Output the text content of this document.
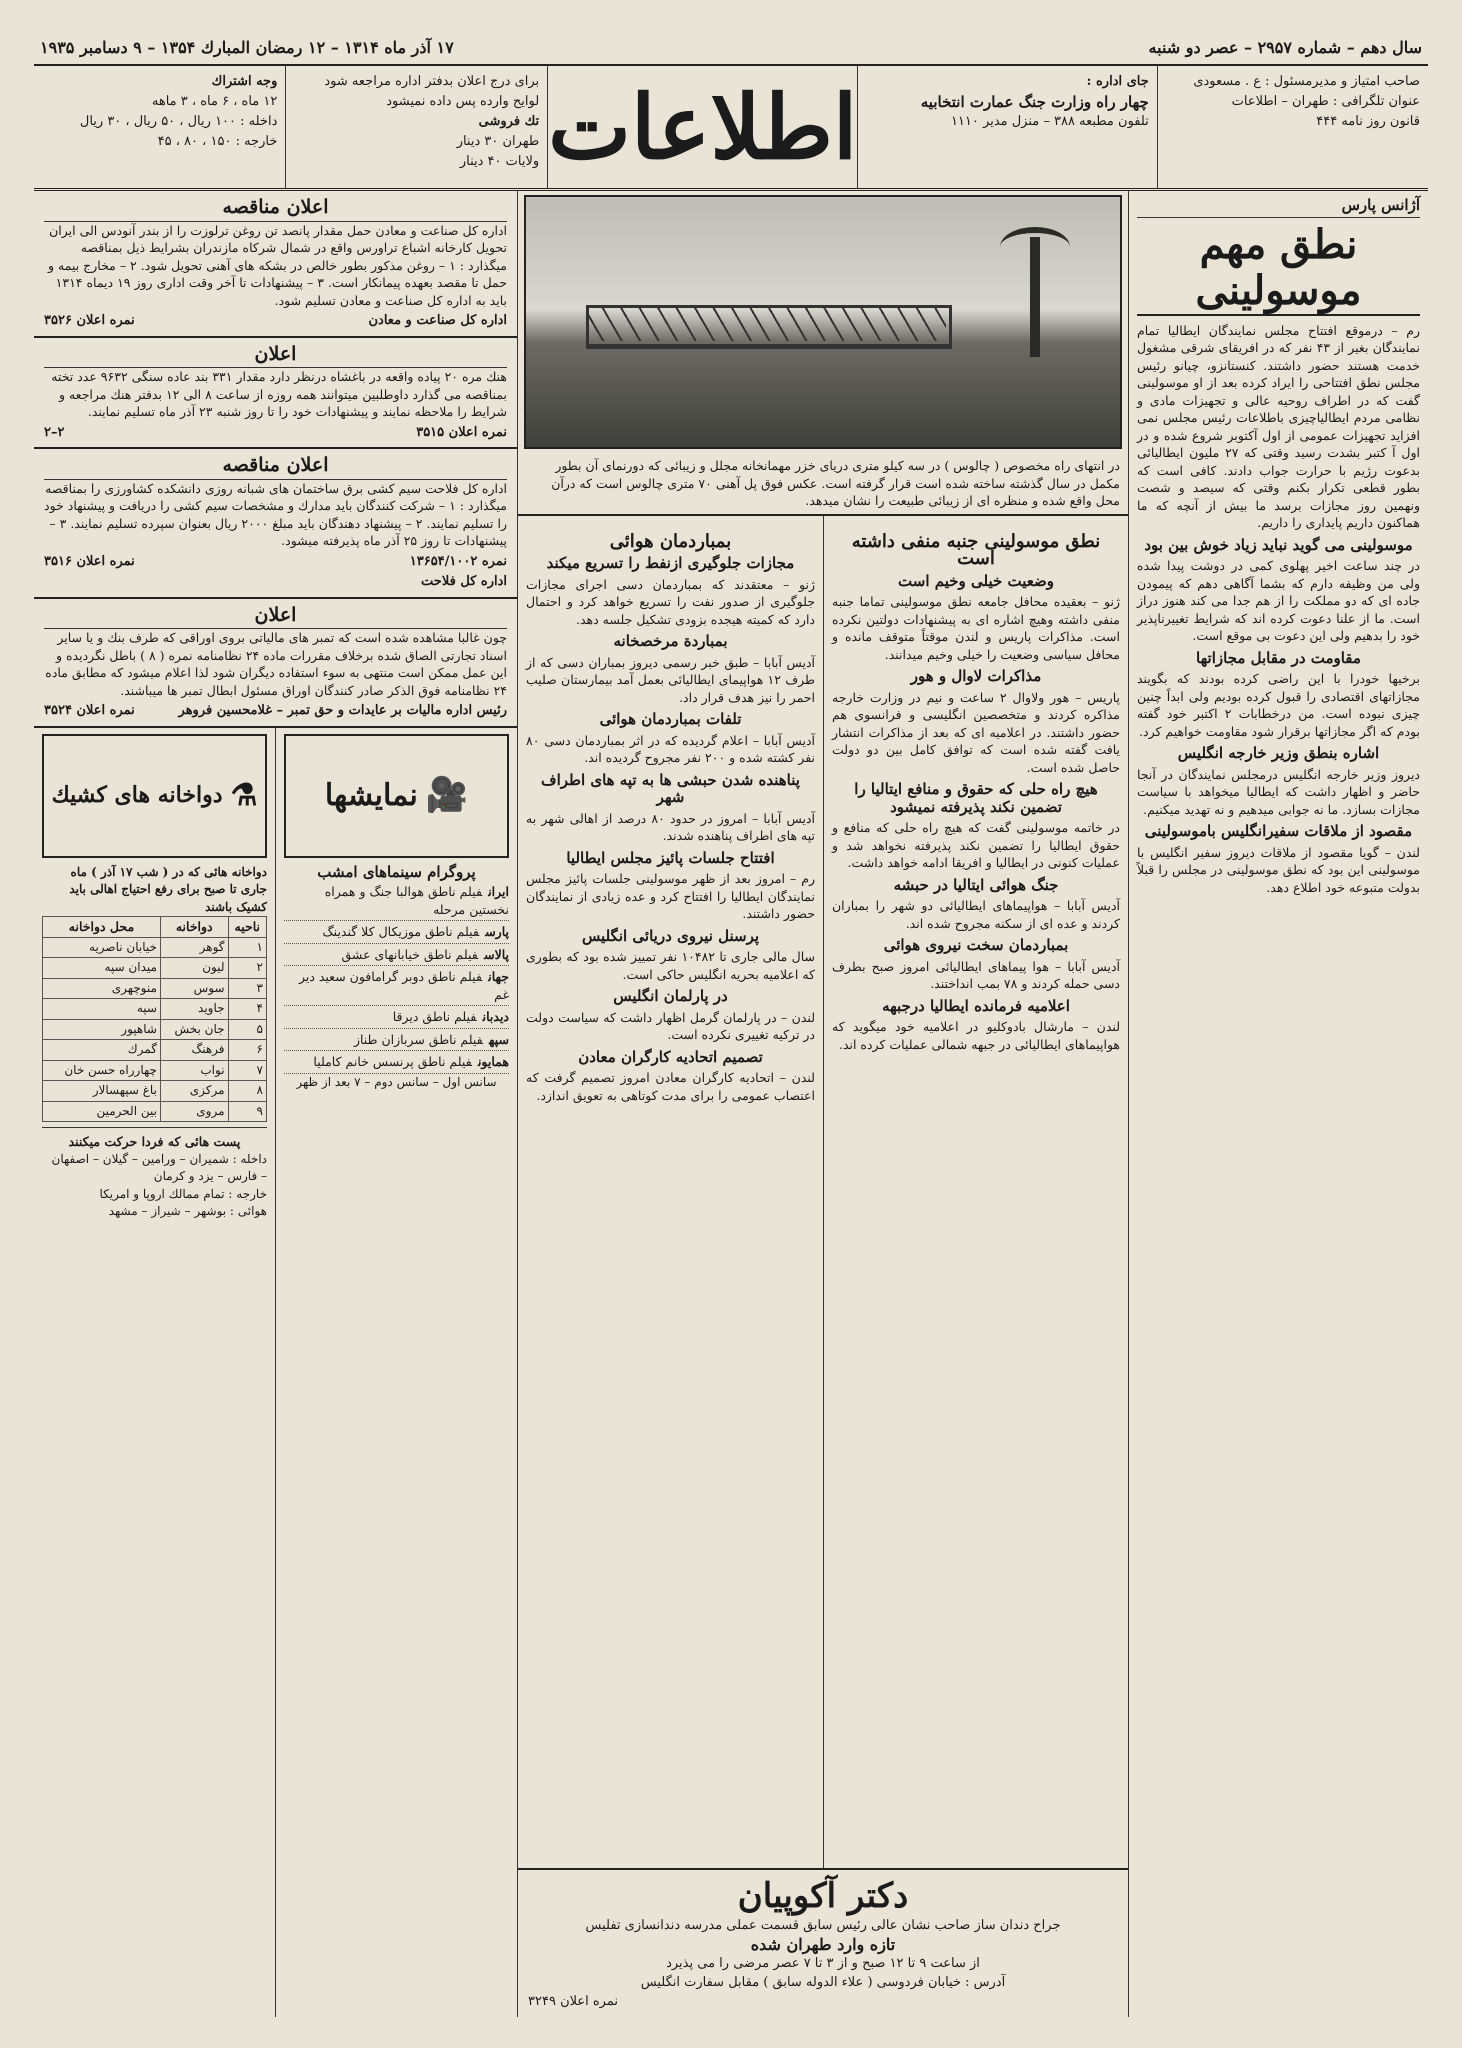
سال دهم – شماره ۲۹۵۷ – عصر دو شنبه
۱۷ آذر ماه ۱۳۱۴ – ۱۲ رمضان المبارك ۱۳۵۴ – ۹ دسامبر ۱۹۳۵
صاحب امتیاز و مدیرمسئول : ع . مسعودی
عنوان تلگرافی : طهران – اطلاعات
قانون روز نامه ۴۴۴
جای اداره :
چهار راه وزارت جنگ عمارت انتخابیه
تلفون مطبعه ۳۸۸ – منزل مدیر ۱۱۱۰
اطلاعات
برای درج اعلان بدفتر اداره مراجعه شود
لوایح وارده پس داده نمیشود
تك فروشی
طهران ۳۰ دینار
ولایات ۴۰ دینار
وجه اشتراك
۱۲ ماه ، ۶ ماه ، ۳ ماهه
داخله : ۱۰۰ ریال ، ۵۰ ریال ، ۳۰ ریال
خارجه : ۱۵۰ ، ۸۰ ، ۴۵
آژانس پارس
نطق مهم موسولینی

رم – درموقع افتتاح مجلس نمایندگان ایطالیا تمام نمایندگان بغیر از ۴۳ نفر که در افریقای شرقی مشغول خدمت هستند حضور داشتند. کنستانزو، چیانو رئیس مجلس نطق افتتاحی را ایراد کرده بعد از او موسولینی گفت که در اطراف روحیه عالی و تجهیزات مادی و نظامی مردم ایطالیاچیزی باطلاعات رئیس مجلس نمی افزاید تجهیزات عمومی از اول آکتوبر شروع شده و در اول آ کتبر بشدت رسید وقتی که ۲۷ ملیون ایطالیائی بدعوت رژیم با حرارت جواب دادند. کافی است که بطور قطعی تکرار بکنم وقتی که سیصد و شصت ونهمین روز مجازات برسد ما بیش از آنچه که ما هماکنون داریم پایداری را داریم.

موسولینی می گوید نباید زیاد خوش بین بود

در چند ساعت اخیر پهلوی کمی در دوشت پیدا شده ولی من وظیفه دارم که بشما آگاهی دهم که پیمودن جاده ای که دو مملکت را از هم جدا می کند هنوز دراز است. ما از علنا دعوت کرده اند که شرایط تغییرناپذیر خود را بدهیم ولی این دعوت بی موقع است.

مقاومت در مقابل مجازاتها

برخیها خودرا با این راضی کرده بودند که بگویند مجازاتهای اقتصادی را قبول کرده بودیم ولی ابداً چنین چیزی نبوده است. من درخطابات ۲ اکتبر خود گفته بودم که اگر مجازاتها برقرار شود مقاومت خواهیم کرد.

اشاره بنطق وزیر خارجه انگلیس

دیروز وزیر خارجه انگلیس درمجلس نمایندگان در آنجا حاضر و اظهار داشت که ایطالیا میخواهد با سیاست مجازات بسازد. ما نه جوابی میدهیم و نه تهدید میکنیم.

مقصود از ملاقات سفیرانگلیس باموسولینی

لندن – گویا مقصود از ملاقات دیروز سفیر انگلیس با موسولینی این بود که نطق موسولینی در مجلس را قبلاً بدولت متبوعه خود اطلاع دهد.

در انتهای راه مخصوص ( چالوس ) در سه کیلو متری دریای خزر مهمانخانه مجلل و زیبائی که دورنمای آن بطور مکمل در سال گذشته ساخته شده است قرار گرفته است. عکس فوق پل آهنی ۷۰ متری چالوس است که درآن محل واقع شده و منظره ای از زیبائی طبیعت را نشان میدهد.
نطق موسولینی جنبه منفی داشته است
وضعیت خیلی وخیم است

ژنو – بعقیده محافل جامعه نطق موسولینی تماما جنبه منفی داشته وهیچ اشاره ای به پیشنهادات دولتین نکرده است. مذاکرات پاریس و لندن موقتاً متوقف مانده و محافل سیاسی وضعیت را خیلی وخیم میدانند.

مذاکرات لاوال و هور

پاریس – هور ولاوال ۲ ساعت و نیم در وزارت خارجه مذاکره کردند و متخصصین انگلیسی و فرانسوی هم حضور داشتند. در اعلامیه ای که بعد از مذاکرات انتشار یافت گفته شده است که توافق کامل بین دو دولت حاصل شده است.

هیچ راه حلی که حقوق و منافع ایتالیا را تضمین نکند پذیرفته نمیشود

در خاتمه موسولینی گفت که هیچ راه حلی که منافع و حقوق ایطالیا را تضمین نکند پذیرفته نخواهد شد و عملیات کنونی در ایطالیا و افریقا ادامه خواهد داشت.

جنگ هوائی ایتالیا در حبشه

آدیس آبابا – هواپیماهای ایطالیائی دو شهر را بمباران کردند و عده ای از سکنه مجروح شده اند.

بمباردمان سخت نیروی هوائی

آدیس آبابا – هوا پیماهای ایطالیائی امروز صبح بطرف دسی حمله کردند و ۷۸ بمب انداختند.

اعلامیه فرمانده ایطالیا درجبهه

لندن – مارشال بادوکلیو در اعلامیه خود میگوید که هواپیماهای ایطالیائی در جبهه شمالی عملیات کرده اند.

بمباردمان هوائی
مجازات جلوگیری ازنفط را تسریع میکند

ژنو – معتقدند که بمباردمان دسی اجرای مجازات جلوگیری از صدور نفت را تسریع خواهد کرد و احتمال دارد که کمیته هیجده بزودی تشکیل جلسه دهد.

بمباردة مرخصخانه

آدیس آبابا – طبق خبر رسمی دیروز بمباران دسی که از طرف ۱۲ هواپیمای ایطالیائی بعمل آمد بیمارستان صلیب احمر را نیز هدف قرار داد.

تلفات بمباردمان هوائی

آدیس آبابا – اعلام گردیده که در اثر بمباردمان دسی ۸۰ نفر کشته شده و ۲۰۰ نفر مجروح گردیده اند.

پناهنده شدن حبشی ها به تپه های اطراف شهر

آدیس آبابا – امروز در حدود ۸۰ درصد از اهالی شهر به تپه های اطراف پناهنده شدند.

افتتاح جلسات پائیز مجلس ایطالیا

رم – امروز بعد از ظهر موسولینی جلسات پائیز مجلس نمایندگان ایطالیا را افتتاح کرد و عده زیادی از نمایندگان حضور داشتند.

پرسنل نیروی دریائی انگلیس

سال مالی جاری تا ۱۰۴۸۲ نفر تمییز شده بود که بطوری که اعلامیه بحریه انگلیس حاکی است.

در پارلمان انگلیس

لندن – در پارلمان گرمل اظهار داشت که سیاست دولت در ترکیه تغییری نکرده است.

تصمیم اتحادیه کارگران معادن

لندن – اتحادیه کارگران معادن امروز تصمیم گرفت که اعتصاب عمومی را برای مدت کوتاهی به تعویق اندازد.

دکتر آکوپیان
جراح دندان ساز صاحب نشان عالی رئیس سابق قسمت عملی مدرسه دندانسازی تفلیس
تازه وارد طهران شده
از ساعت ۹ تا ۱۲ صبح و از ۳ تا ۷ عصر مرضی را می پذیرد
آدرس : خیابان فردوسی ( علاء الدوله سابق ) مقابل سفارت انگلیس
نمره اعلان ۳۲۴۹
اعلان مناقصه
اداره کل صناعت و معادن حمل مقدار پانصد تن روغن ترلوزت را از بندر آنودس الی ایران تحویل کارخانه اشباع تراورس واقع در شمال شرکاه مازندران بشرایط ذیل بمناقصه میگذارد : ۱ – روغن مذکور بطور خالص در بشکه های آهنی تحویل شود. ۲ – مخارج بیمه و حمل تا مقصد بعهده پیمانکار است. ۳ – پیشنهادات تا آخر وقت اداری روز ۱۹ دیماه ۱۳۱۴ باید به اداره کل صناعت و معادن تسلیم شود.
اداره کل صناعت و معادن
نمره اعلان ۳۵۲۶
اعلان
هنك مره ۲۰ پیاده واقعه در باغشاه درنظر دارد مقدار ۳۳۱ بند عاده سنگی ۹۶۳۲ عدد تخته بمناقصه می گذارد داوطلبین میتوانند همه روزه از ساعت ۸ الی ۱۲ بدفتر هنك مراجعه و شرایط را ملاحظه نمایند و پیشنهادات خود را تا روز شنبه ۲۳ آذر ماه تسلیم نمایند.
نمره اعلان ۳۵۱۵
۲–۲
اعلان مناقصه
اداره کل فلاحت سیم کشی برق ساختمان های شبانه روزی دانشکده کشاورزی را بمناقصه میگذارد : ۱ – شرکت کنندگان باید مدارك و مشخصات سیم کشی را دریافت و پیشنهاد خود را تسلیم نمایند. ۲ – پیشنهاد دهندگان باید مبلغ ۲۰۰۰ ریال بعنوان سپرده تسلیم نمایند. ۳ – پیشنهادات تا روز ۲۵ آذر ماه پذیرفته میشود.
نمره ۱۳۶۵۴/۱۰۰۲
نمره اعلان ۳۵۱۶
اداره کل فلاحت
اعلان
چون غالبا مشاهده شده است که تمبر های مالیاتی بروی اوراقی که طرف بنك و یا سایر اسناد تجارتی الصاق شده برخلاف مقررات ماده ۲۴ نظامنامه نمره ( ۸ ) باطل نگردیده و این عمل ممکن است منتهی به سوء استفاده دیگران شود لذا اعلام میشود که مطابق ماده ۲۴ نظامنامه فوق الذکر صادر کنندگان اوراق مسئول ابطال تمبر ها میباشند.
رئیس اداره مالیات بر عایدات و حق تمبر – غلامحسین فروهر
نمره اعلان ۳۵۲۴
🎥
نمایشها
پروگرام سینماهای امشب
ایرانفیلم ناطق هوالبا جنگ و همراه نخستین مرحله
پارسفیلم ناطق موزیکال کلا گندینگ
پالاسفیلم ناطق خیابانهای عشق
جهانفیلم ناطق دوبر گرامافون سعید دیر غم
دیدبانفیلم ناطق دیرقا
سپهفیلم ناطق سربازان طناز
همایونفیلم ناطق پرنسس خانم کاملیا
سانس اول – سانس دوم – ۷ بعد از ظهر
⚗
دواخانه های کشیك
دواخانه هائی که در ( شب ۱۷ آذر ) ماه جاری تا صبح برای رفع احتیاج اهالی باید کشیک باشند
ناحیه	دواخانه	محل دواخانه
۱	گوهر	خیابان ناصریه
۲	لیون	میدان سپه
۳	سوس	منوچهری
۴	جاوید	سپه
۵	جان بخش	شاهپور
۶	فرهنگ	گمرك
۷	نواب	چهارراه حسن خان
۸	مرکزی	باغ سپهسالار
۹	مروی	بین الحرمین
پست هائی که فردا حرکت میکنند
داخله : شمیران – ورامین – گیلان – اصفهان – فارس – یزد و کرمان
خارجه : تمام ممالك اروپا و امریکا
هوائی : بوشهر – شیراز – مشهد
